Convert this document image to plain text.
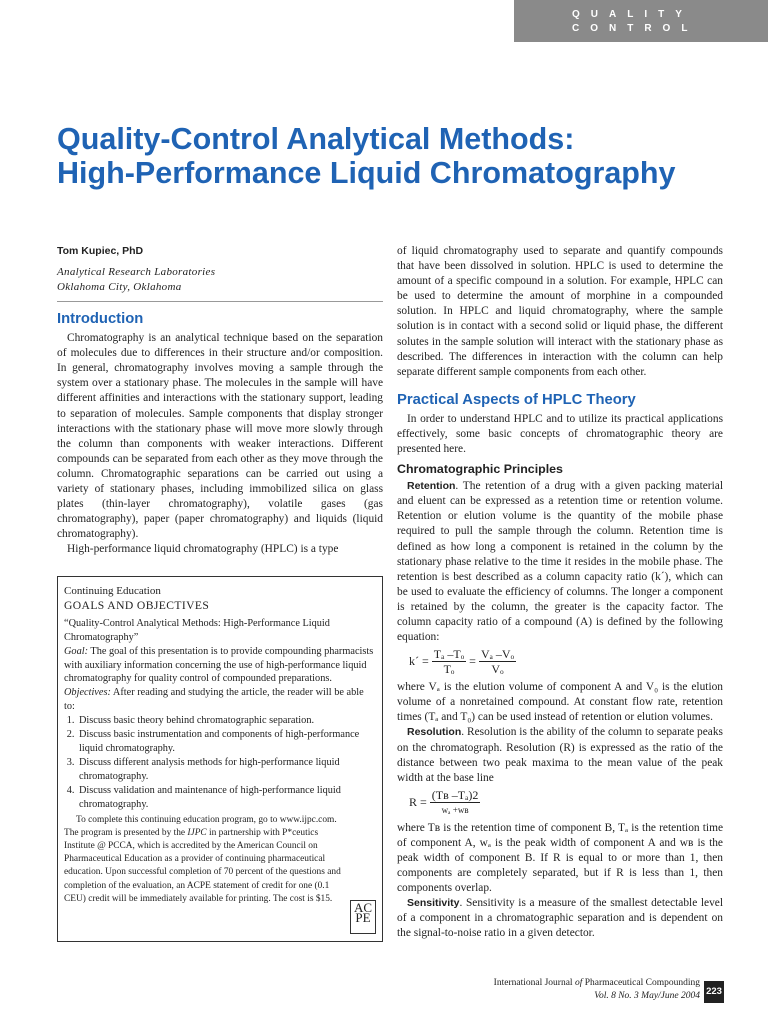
QUALITY
CONTROL
Quality-Control Analytical Methods:
High-Performance Liquid Chromatography

Tom Kupiec, PhD

Analytical Research Laboratories

Oklahoma City, Oklahoma

Introduction

Chromatography is an analytical technique based on the separation of molecules due to differences in their structure and/or composition. In general, chromatography involves moving a sample through the system over a stationary phase. The molecules in the sample will have different affinities and interactions with the stationary support, leading to separation of molecules. Sample components that display stronger interactions with the stationary phase will move more slowly through the column than components with weaker interactions. Different compounds can be separated from each other as they move through the column. Chromatographic separations can be carried out using a variety of stationary phases, including immobilized silica on glass plates (thin-layer chromatography), volatile gases (gas chromatography), paper (paper chromatography) and liquids (liquid chromatography).

High-performance liquid chromatography (HPLC) is a type

Continuing Education
GOALS AND OBJECTIVES
“Quality-Control Analytical Methods: High-Performance Liquid Chromatography”
Goal: The goal of this presentation is to provide compounding pharmacists with auxiliary information concerning the use of high-performance liquid chromatography for quality control of compounded preparations.
Objectives: After reading and studying the article, the reader will be able to:
1. Discuss basic theory behind chromatographic separation.
2. Discuss basic instrumentation and components of high-performance liquid chromatography.
3. Discuss different analysis methods for high-performance liquid chromatography.
4. Discuss validation and maintenance of high-performance liquid chromatography.
To complete this continuing education program, go to www.ijpc.com. The program is presented by the IJPC in partnership with P*ceutics Institute @ PCCA, which is accredited by the American Council on Pharmaceutical Education as a provider of continuing pharmaceutical education. Upon successful completion of 70 percent of the questions and completion of the evaluation, an ACPE statement of credit for one (0.1 CEU) credit will be immediately available for printing. The cost is $15.
AC PE

of liquid chromatography used to separate and quantify compounds that have been dissolved in solution. HPLC is used to determine the amount of a specific compound in a solution. For example, HPLC can be used to determine the amount of morphine in a compounded solution. In HPLC and liquid chromatography, where the sample solution is in contact with a second solid or liquid phase, the different solutes in the sample solution will interact with the stationary phase as described. The differences in interaction with the column can help separate different sample components from each other.

Practical Aspects of HPLC Theory

In order to understand HPLC and to utilize its practical applications effectively, some basic concepts of chromatographic theory are presented here.

Chromatographic Principles

Retention. The retention of a drug with a given packing material and eluent can be expressed as a retention time or retention volume. Retention or elution volume is the quantity of the mobile phase required to pull the sample through the column. Retention time is defined as how long a component is retained in the column by the stationary phase relative to the time it resides in the mobile phase. The retention is best described as a column capacity ratio (k´), which can be used to evaluate the efficiency of columns. The longer a component is retained by the column, the greater is the capacity factor. The column capacity ratio of a compound (A) is defined by the following equation:

k´ = $\frac{\text{Tₐ –Tₒ}}{\text{Tₒ}} = \frac{\text{Vₐ –Vₒ}}{\text{Vₒ}}$

where Vₐ is the elution volume of component A and V₀ is the elution volume of a nonretained compound. At constant flow rate, retention times (Tₐ and T₀) can be used instead of retention or elution volumes.

Resolution. Resolution is the ability of the column to separate peaks on the chromatograph. Resolution (R) is expressed as the ratio of the distance between two peak maxima to the mean value of the peak width at the base line

$R = \frac{\text{(Tʙ –Tₐ)2}}{\text{wₐ +wʙ}}$

where Tʙ is the retention time of component B, Tₐ is the retention time of component A, wₐ is the peak width of component A and wʙ is the peak width of component B. If R is equal to or more than 1, then components are completely separated, but if R is less than 1, then components overlap.

Sensitivity. Sensitivity is a measure of the smallest detectable level of a component in a chromatographic separation and is dependent on the signal-to-noise ratio in a given detector.

International Journal of Pharmaceutical Compounding
Vol. 8 No. 3 May/June 2004 223
